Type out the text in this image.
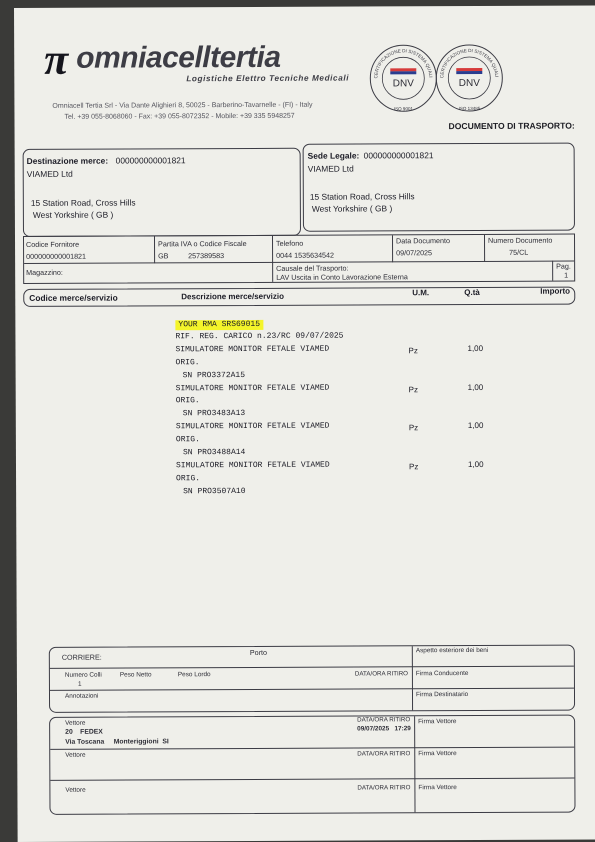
π omniacelltertia
Logistiche Elettro Tecniche Medicali
Omniacell Tertia Srl - Via Dante Alighieri 8, 50025 - Barberino-Tavarnelle - (FI) - Italy
Tel. +39 055-8068060 - Fax: +39 055-8072352 - Mobile: +39 335 5948257
CERTIFICAZIONE DI SISTEMA QUALITA'
DNV
ISO 9001
CERTIFICAZIONE DI SISTEMA QUALITA'
DNV
ISO 13485
DOCUMENTO DI TRASPORTO:
Destinazione merce: 000000000001821
VIAMED Ltd
15 Station Road, Cross Hills
West Yorkshire ( GB )
Sede Legale: 000000000001821
VIAMED Ltd
15 Station Road, Cross Hills
West Yorkshire ( GB )
Codice Fornitore
000000000001821
Partita IVA o Codice Fiscale
GB	257389583
Telefono
0044 1535634542
Data Documento
09/07/2025
Numero Documento
75/CL
Magazzino:	Causale del Trasporto:
LAV Uscita in Conto Lavorazione Esterna
Pag.
1
Codice merce/servizio	Descrizione merce/servizio	U.M.	Q.tà	Importo
YOUR RMA SRS69015
RIF. REG. CARICO n.23/RC 09/07/2025
SIMULATORE MONITOR FETALE VIAMED	Pz	1,00
ORIG.
SN PRO3372A15
SIMULATORE MONITOR FETALE VIAMED	Pz	1,00
ORIG.
SN PRO3483A13
SIMULATORE MONITOR FETALE VIAMED	Pz	1,00
ORIG.
SN PRO3488A14
SIMULATORE MONITOR FETALE VIAMED	Pz	1,00
ORIG.
SN PRO3507A10
CORRIERE:
Porto	Aspetto esteriore dei beni
Numero Colli
1
Peso Netto	Peso Lordo	DATA/ORA RITIRO Firma Conducente
Annotazioni	Firma Destinatario
Vettore
20 FEDEX
Via Toscana     Monteriggioni  SI
DATA/ORA RITIRO
09/07/2025   17:29
Firma Vettore
Vettore	DATA/ORA RITIRO Firma Vettore
Vettore	DATA/ORA RITIRO Firma Vettore
